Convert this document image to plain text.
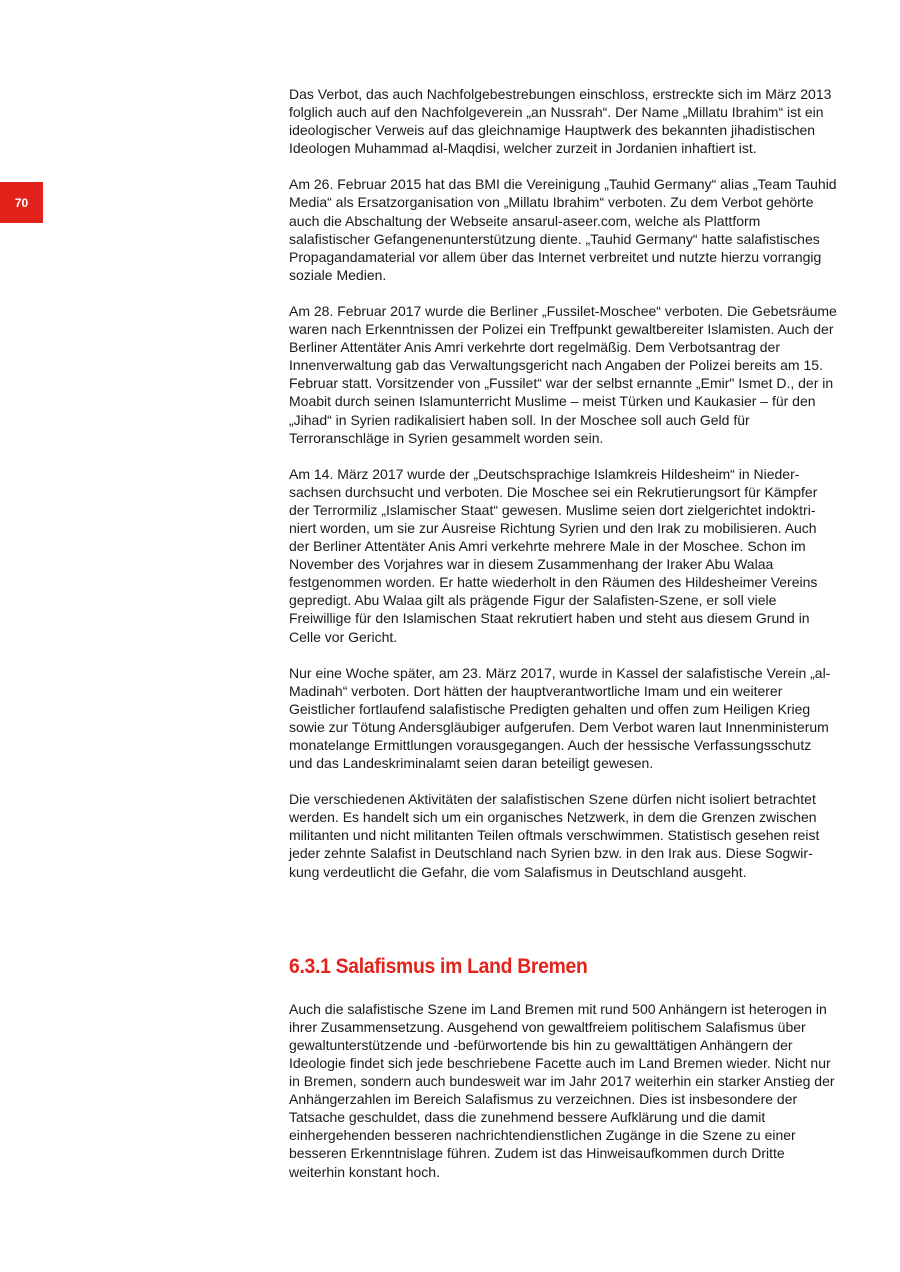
70

Das Verbot, das auch Nachfolgebestrebungen einschloss, erstreckte sich im März 2013 folglich auch auf den Nachfolgeverein „an Nussrah“. Der Name „Millatu Ibrahim“ ist ein ideologischer Verweis auf das gleichnamige Hauptwerk des bekannten jihadistischen Ideologen Muhammad al-Maqdisi, welcher zurzeit in Jordanien inhaftiert ist.

Am 26. Februar 2015 hat das BMI die Vereinigung „Tauhid Germany“ alias „Team Tauhid Media“ als Ersatzorganisation von „Millatu Ibrahim“ verboten. Zu dem Verbot gehörte auch die Abschaltung der Webseite ansarul-aseer.com, welche als Plattform salafistischer Gefangenenunterstützung diente. „Tauhid Germany“ hatte salafistisches Propagandamaterial vor allem über das Internet verbreitet und nutzte hierzu vorrangig soziale Medien.

Am 28. Februar 2017 wurde die Berliner „Fussilet-Moschee“ verboten. Die Gebetsräume waren nach Erkenntnissen der Polizei ein Treffpunkt gewaltbereiter Islamisten. Auch der Berliner Attentäter Anis Amri verkehrte dort regelmäßig. Dem Verbotsantrag der Innenverwaltung gab das Verwaltungsgericht nach Angaben der Polizei bereits am 15. Februar statt. Vorsitzender von „Fussilet“ war der selbst ernannte „Emir" Ismet D., der in Moabit durch seinen Islamunterricht Muslime – meist Türken und Kaukasier – für den „Jihad“ in Syrien radikalisiert haben soll. In der Moschee soll auch Geld für Terroranschläge in Syrien gesammelt worden sein.

Am 14. März 2017 wurde der „Deutschsprachige Islamkreis Hildesheim“ in Niedersachsen durchsucht und verboten. Die Moschee sei ein Rekrutierungsort für Kämpfer der Terrormiliz „Islamischer Staat“ gewesen. Muslime seien dort zielgerichtet indoktriniert worden, um sie zur Ausreise Richtung Syrien und den Irak zu mobilisieren. Auch der Berliner Attentäter Anis Amri verkehrte mehrere Male in der Moschee. Schon im November des Vorjahres war in diesem Zusammenhang der Iraker Abu Walaa festgenommen worden. Er hatte wiederholt in den Räumen des Hildesheimer Vereins gepredigt. Abu Walaa gilt als prägende Figur der Salafisten-Szene, er soll viele Freiwillige für den Islamischen Staat rekrutiert haben und steht aus diesem Grund in Celle vor Gericht.

Nur eine Woche später, am 23. März 2017, wurde in Kassel der salafistische Verein „al-Madinah“ verboten. Dort hätten der hauptverantwortliche Imam und ein weiterer Geistlicher fortlaufend salafistische Predigten gehalten und offen zum Heiligen Krieg sowie zur Tötung Andersgläubiger aufgerufen. Dem Verbot waren laut Innenministerum monatelange Ermittlungen vorausgegangen. Auch der hessische Verfassungsschutz und das Landeskriminalamt seien daran beteiligt gewesen.

Die verschiedenen Aktivitäten der salafistischen Szene dürfen nicht isoliert betrachtet werden. Es handelt sich um ein organisches Netzwerk, in dem die Grenzen zwischen militanten und nicht militanten Teilen oftmals verschwimmen. Statistisch gesehen reist jeder zehnte Salafist in Deutschland nach Syrien bzw. in den Irak aus. Diese Sogwirkung verdeutlicht die Gefahr, die vom Salafismus in Deutschland ausgeht.

6.3.1 Salafismus im Land Bremen

Auch die salafistische Szene im Land Bremen mit rund 500 Anhängern ist heterogen in ihrer Zusammensetzung. Ausgehend von gewaltfreiem politischem Salafismus über gewaltunterstützende und -befürwortende bis hin zu gewalttätigen Anhängern der Ideologie findet sich jede beschriebene Facette auch im Land Bremen wieder. Nicht nur in Bremen, sondern auch bundesweit war im Jahr 2017 weiterhin ein starker Anstieg der Anhängerzahlen im Bereich Salafismus zu verzeichnen. Dies ist insbesondere der Tatsache geschuldet, dass die zunehmend bessere Aufklärung und die damit einhergehenden besseren nachrichtendienstlichen Zugänge in die Szene zu einer besseren Erkenntnislage führen. Zudem ist das Hinweisaufkommen durch Dritte weiterhin konstant hoch.
